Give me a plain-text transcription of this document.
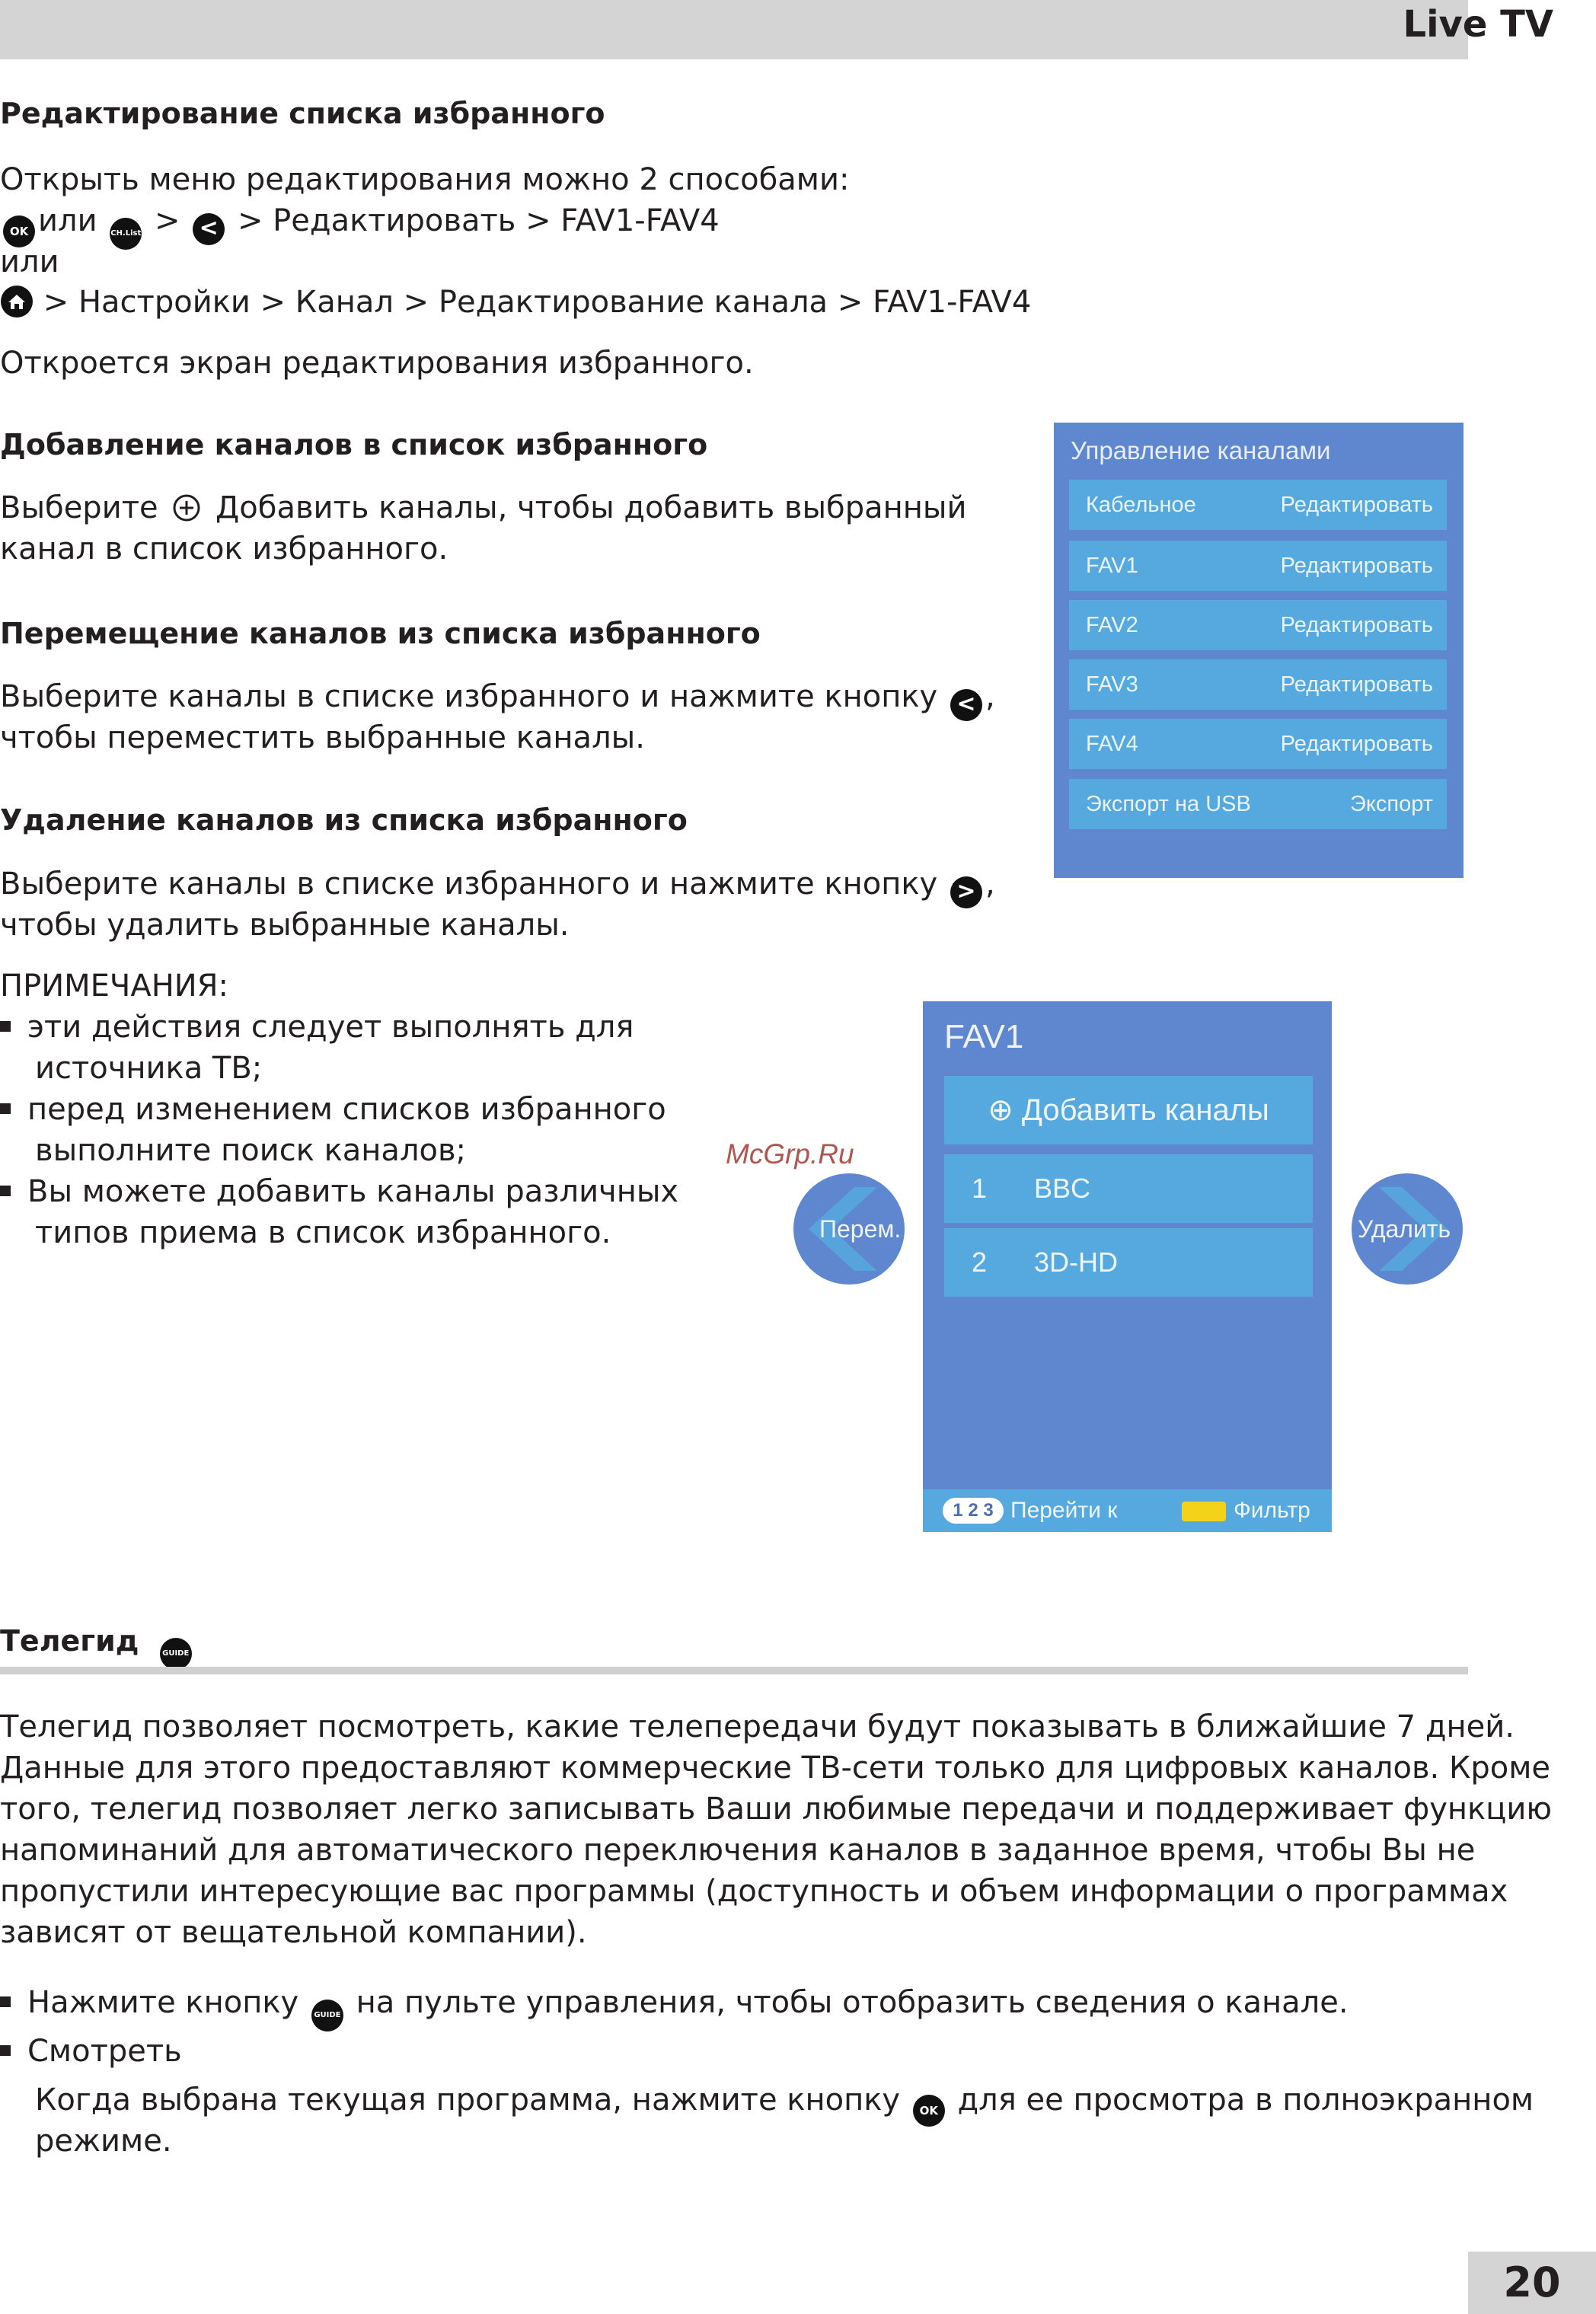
Live TV
Редактирование списка избранного
Открыть меню редактирования можно 2 способами:
OK или CH.List > < > Редактировать > FAV1-FAV4
или
> Настройки > Канал > Редактирование канала > FAV1-FAV4
Откроется экран редактирования избранного.
Добавление каналов в список избранного
Выберите Добавить каналы, чтобы добавить выбранный
канал в список избранного.
Перемещение каналов из списка избранного
Выберите каналы в списке избранного и нажмите кнопку < ,
чтобы переместить выбранные каналы.
Удаление каналов из списка избранного
Выберите каналы в списке избранного и нажмите кнопку > ,
чтобы удалить выбранные каналы.
ПРИМЕЧАНИЯ:
эти действия следует выполнять для
источника ТВ;
перед изменением списков избранного
выполните поиск каналов;
Вы можете добавить каналы различных
типов приема в список избранного.
Управление каналами
Кабельное	Редактировать
FAV1	Редактировать
FAV2	Редактировать
FAV3	Редактировать
FAV4	Редактировать
Экспорт на USB	Экспорт
McGrp.Ru
Перем.
FAV1
⊕ Добавить каналы
1 BBC
2 3D-HD
1 2 3 Перейти к	Фильтр
Удалить
Телегид	GUIDE
Телегид позволяет посмотреть, какие телепередачи будут показывать в ближайшие 7 дней.
Данные для этого предоставляют коммерческие ТВ-сети только для цифровых каналов. Кроме
того, телегид позволяет легко записывать Ваши любимые передачи и поддерживает функцию
напоминаний для автоматического переключения каналов в заданное время, чтобы Вы не
пропустили интересующие вас программы (доступность и объем информации о программах
зависят от вещательной компании).
Нажмите кнопку GUIDE на пульте управления, чтобы отобразить сведения о канале.
Смотреть
Когда выбрана текущая программа, нажмите кнопку OK для ее просмотра в полноэкранном
режиме.
20
